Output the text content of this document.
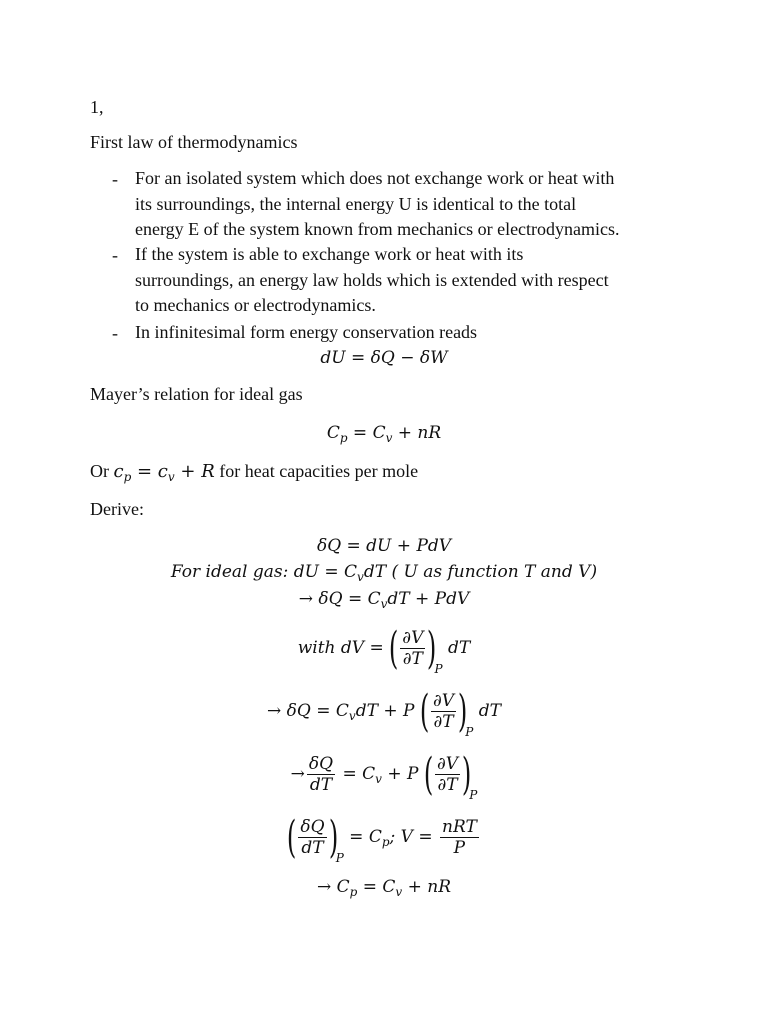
1,
First law of thermodynamics
- For an isolated system which does not exchange work or heat with
its surroundings, the internal energy U is identical to the total
energy E of the system known from mechanics or electrodynamics.
- If the system is able to exchange work or heat with its
surroundings, an energy law holds which is extended with respect
to mechanics or electrodynamics.
- In infinitesimal form energy conservation reads
dU = δQ − δW
Mayer’s relation for ideal gas
$C_p = C_v$ + nR
Or $c_p = c_v + R$ for heat capacities per mole
Derive:
δQ = dU + PdV
For ideal gas: dU = $C_vdT$ ( U as function T and V)
→ $\delta Q = C_vdT$ + PdV
with dV = ( $\frac{\partial V}{\partial T} )P$ dT
→ $\delta Q = C_vdT + P$ ( $\frac{\partial V}{\partial T} )P$ dT
→ $\frac{\delta Q}{dT} = C_v + P$ ( $\frac{\partial V}{\partial T} )P$
( $\frac{\delta Q}{dT} )P = C_p$; $V = \frac{\text{nRT}}{P}$
→ $C_p = C_v$ + nR
